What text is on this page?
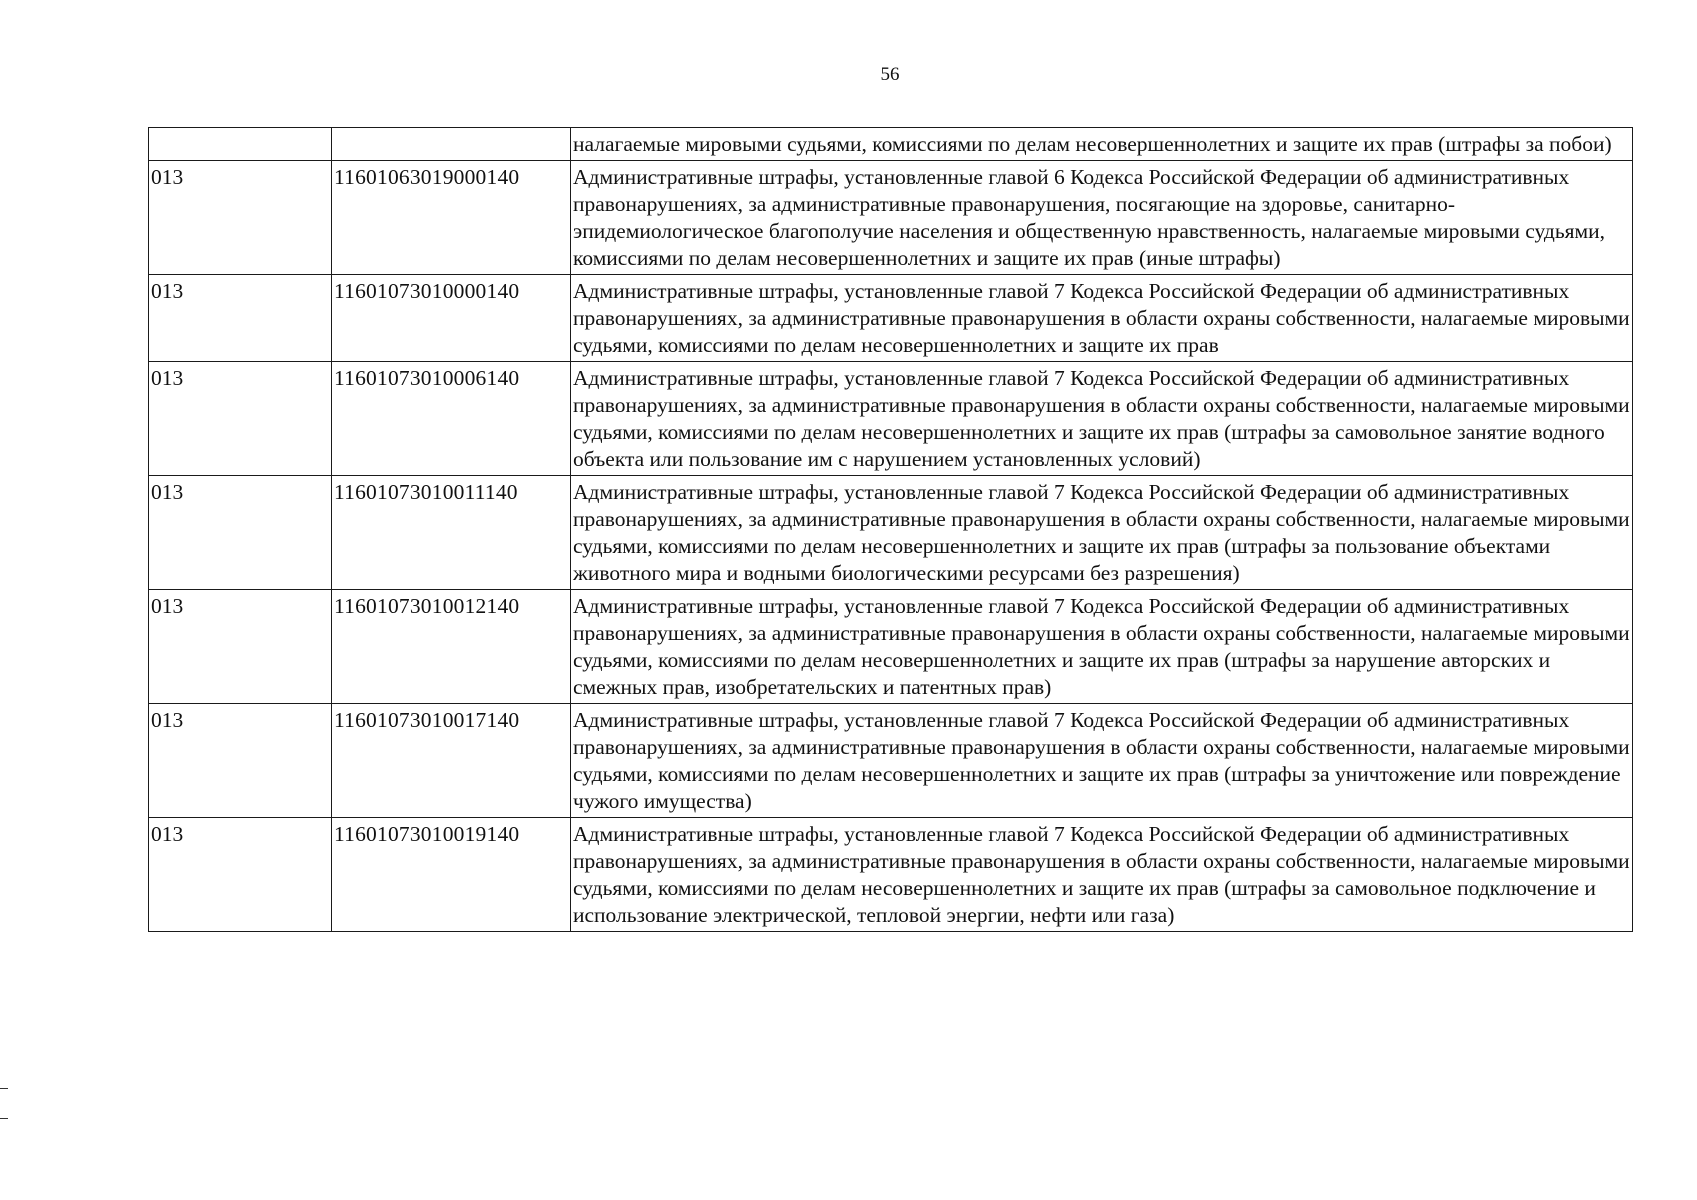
56
		налагаемые мировыми судьями, комиссиями по делам несовершеннолетних и защите их прав (штрафы за побои)
013	11601063019000140	Административные штрафы, установленные главой 6 Кодекса Российской Федерации об административных правонарушениях, за административные правонарушения, посягающие на здоровье, санитарно-эпидемиологическое благополучие населения и общественную нравственность, налагаемые мировыми судьями, комиссиями по делам несовершеннолетних и защите их прав (иные штрафы)
013	11601073010000140	Административные штрафы, установленные главой 7 Кодекса Российской Федерации об административных правонарушениях, за административные правонарушения в области охраны собственности, налагаемые мировыми судьями, комиссиями по делам несовершеннолетних и защите их прав
013	11601073010006140	Административные штрафы, установленные главой 7 Кодекса Российской Федерации об административных правонарушениях, за административные правонарушения в области охраны собственности, налагаемые мировыми судьями, комиссиями по делам несовершеннолетних и защите их прав (штрафы за самовольное занятие водного объекта или пользование им с нарушением установленных условий)
013	11601073010011140	Административные штрафы, установленные главой 7 Кодекса Российской Федерации об административных правонарушениях, за административные правонарушения в области охраны собственности, налагаемые мировыми судьями, комиссиями по делам несовершеннолетних и защите их прав (штрафы за пользование объектами животного мира и водными биологическими ресурсами без разрешения)
013	11601073010012140	Административные штрафы, установленные главой 7 Кодекса Российской Федерации об административных правонарушениях, за административные правонарушения в области охраны собственности, налагаемые мировыми судьями, комиссиями по делам несовершеннолетних и защите их прав (штрафы за нарушение авторских и смежных прав, изобретательских и патентных прав)
013	11601073010017140	Административные штрафы, установленные главой 7 Кодекса Российской Федерации об административных правонарушениях, за административные правонарушения в области охраны собственности, налагаемые мировыми судьями, комиссиями по делам несовершеннолетних и защите их прав (штрафы за уничтожение или повреждение чужого имущества)
013	11601073010019140	Административные штрафы, установленные главой 7 Кодекса Российской Федерации об административных правонарушениях, за административные правонарушения в области охраны собственности, налагаемые мировыми судьями, комиссиями по делам несовершеннолетних и защите их прав (штрафы за самовольное подключение и использование электрической, тепловой энергии, нефти или газа)
